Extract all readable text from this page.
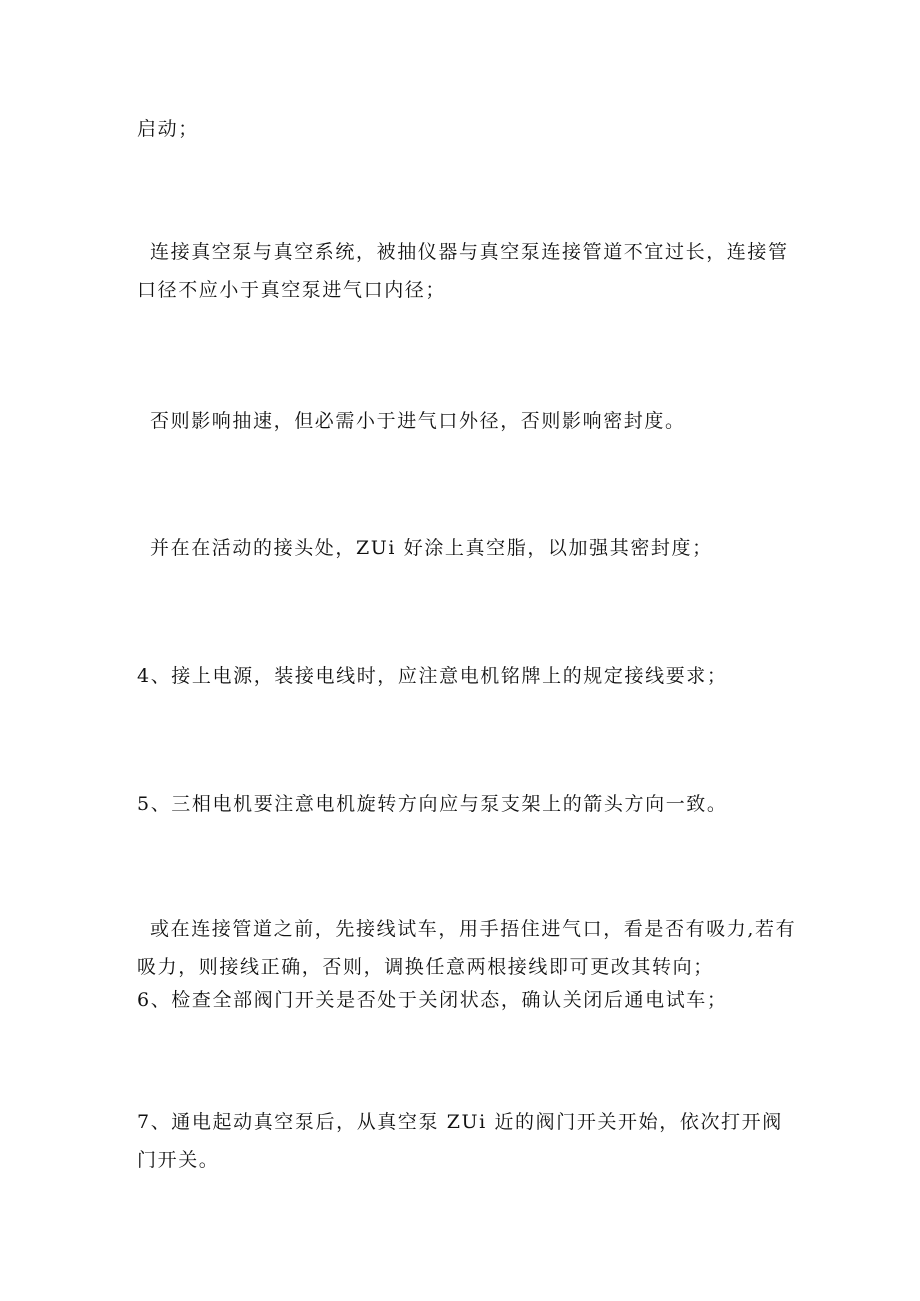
启动；

连接真空泵与真空系统，被抽仪器与真空泵连接管道不宜过长，连接管口径不应小于真空泵进气口内径；

否则影响抽速，但必需小于进气口外径，否则影响密封度。

并在在活动的接头处，ZUi 好涂上真空脂，以加强其密封度；

4、接上电源，装接电线时，应注意电机铭牌上的规定接线要求；

5、三相电机要注意电机旋转方向应与泵支架上的箭头方向一致。

或在连接管道之前，先接线试车，用手捂住进气口，看是否有吸力,若有吸力，则接线正确，否则，调换任意两根接线即可更改其转向；

6、检查全部阀门开关是否处于关闭状态，确认关闭后通电试车；

7、通电起动真空泵后，从真空泵 ZUi 近的阀门开关开始，依次打开阀门开关。
